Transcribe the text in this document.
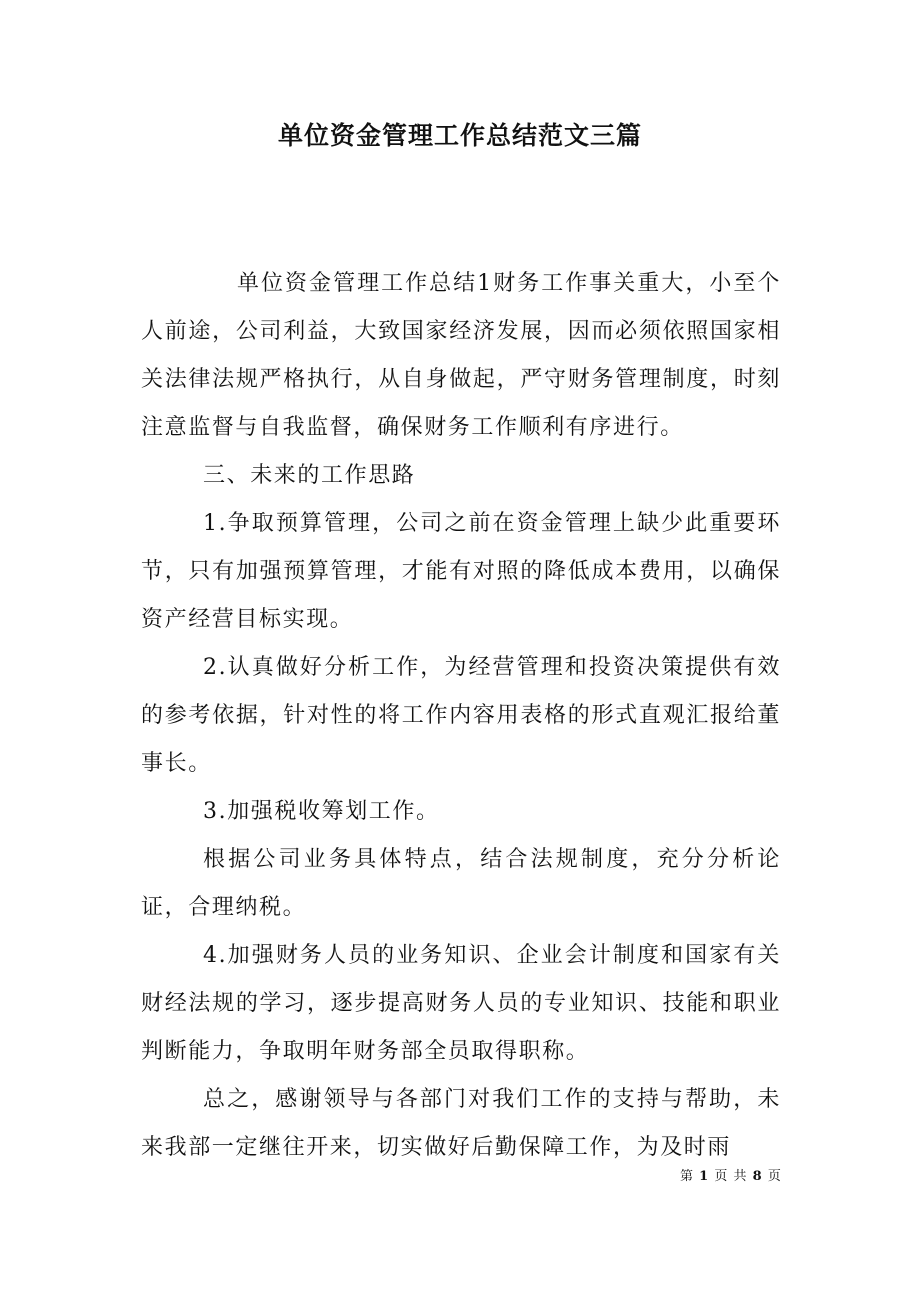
单位资金管理工作总结范文三篇

单位资金管理工作总结1财务工作事关重大，小至个人前途，公司利益，大致国家经济发展，因而必须依照国家相关法律法规严格执行，从自身做起，严守财务管理制度，时刻注意监督与自我监督，确保财务工作顺利有序进行。

三、未来的工作思路

1.争取预算管理，公司之前在资金管理上缺少此重要环节，只有加强预算管理，才能有对照的降低成本费用，以确保资产经营目标实现。

2.认真做好分析工作，为经营管理和投资决策提供有效的参考依据，针对性的将工作内容用表格的形式直观汇报给董事长。

3.加强税收筹划工作。

根据公司业务具体特点，结合法规制度，充分分析论证，合理纳税。

4.加强财务人员的业务知识、企业会计制度和国家有关财经法规的学习，逐步提高财务人员的专业知识、技能和职业判断能力，争取明年财务部全员取得职称。

总之，感谢领导与各部门对我们工作的支持与帮助，未来我部一定继往开来，切实做好后勤保障工作，为及时雨

第 1 页 共 8 页
